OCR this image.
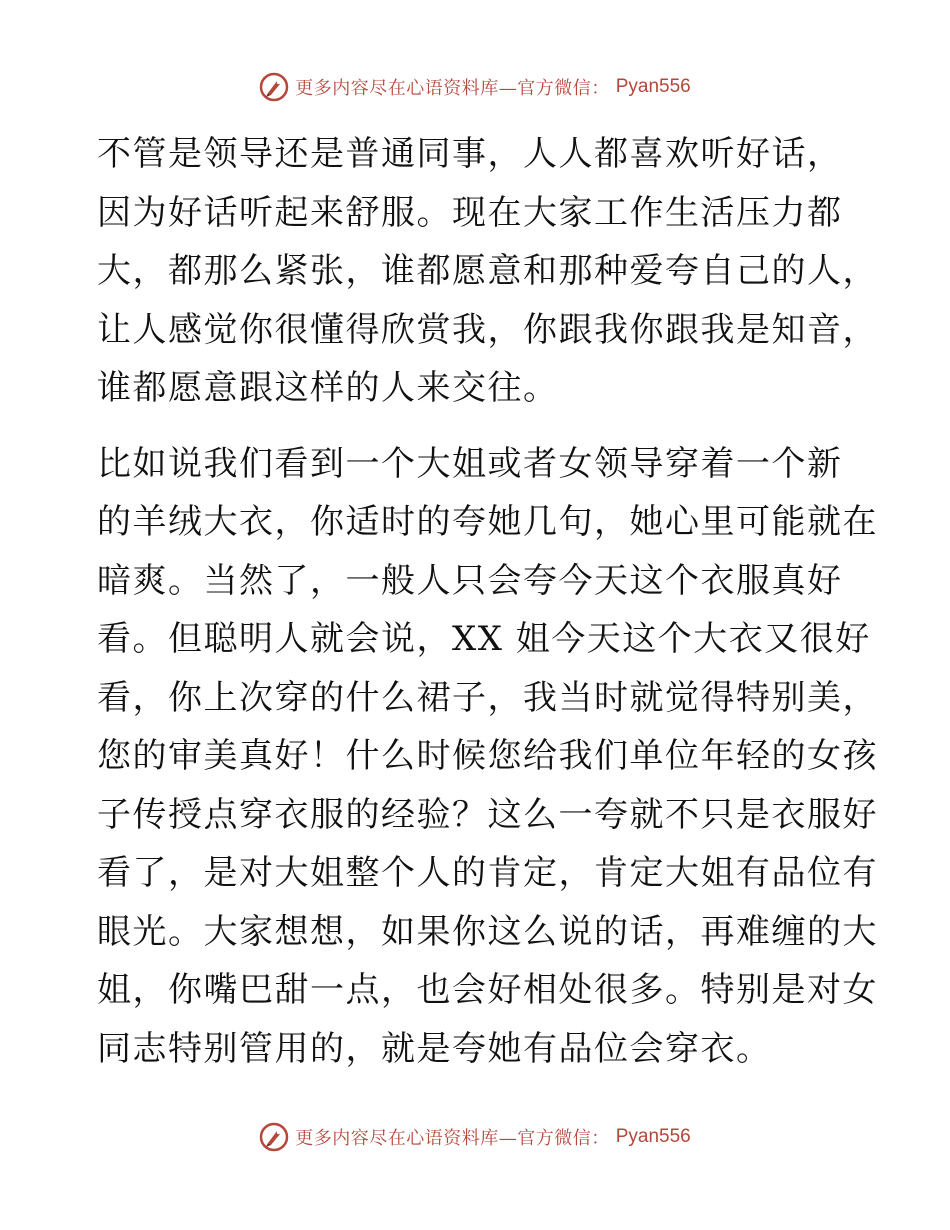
更多内容尽在心语资料库—官方微信： Pyan556

不管是领导还是普通同事，人人都喜欢听好话，
因为好话听起来舒服。现在大家工作生活压力都
大，都那么紧张，谁都愿意和那种爱夸自己的人，
让人感觉你很懂得欣赏我，你跟我你跟我是知音，
谁都愿意跟这样的人来交往。

比如说我们看到一个大姐或者女领导穿着一个新
的羊绒大衣，你适时的夸她几句，她心里可能就在
暗爽。当然了，一般人只会夸今天这个衣服真好
看。但聪明人就会说，XX 姐今天这个大衣又很好
看，你上次穿的什么裙子，我当时就觉得特别美，
您的审美真好！什么时候您给我们单位年轻的女孩
子传授点穿衣服的经验？这么一夸就不只是衣服好
看了，是对大姐整个人的肯定，肯定大姐有品位有
眼光。大家想想，如果你这么说的话，再难缠的大
姐，你嘴巴甜一点，也会好相处很多。特别是对女
同志特别管用的，就是夸她有品位会穿衣。

更多内容尽在心语资料库—官方微信： Pyan556
